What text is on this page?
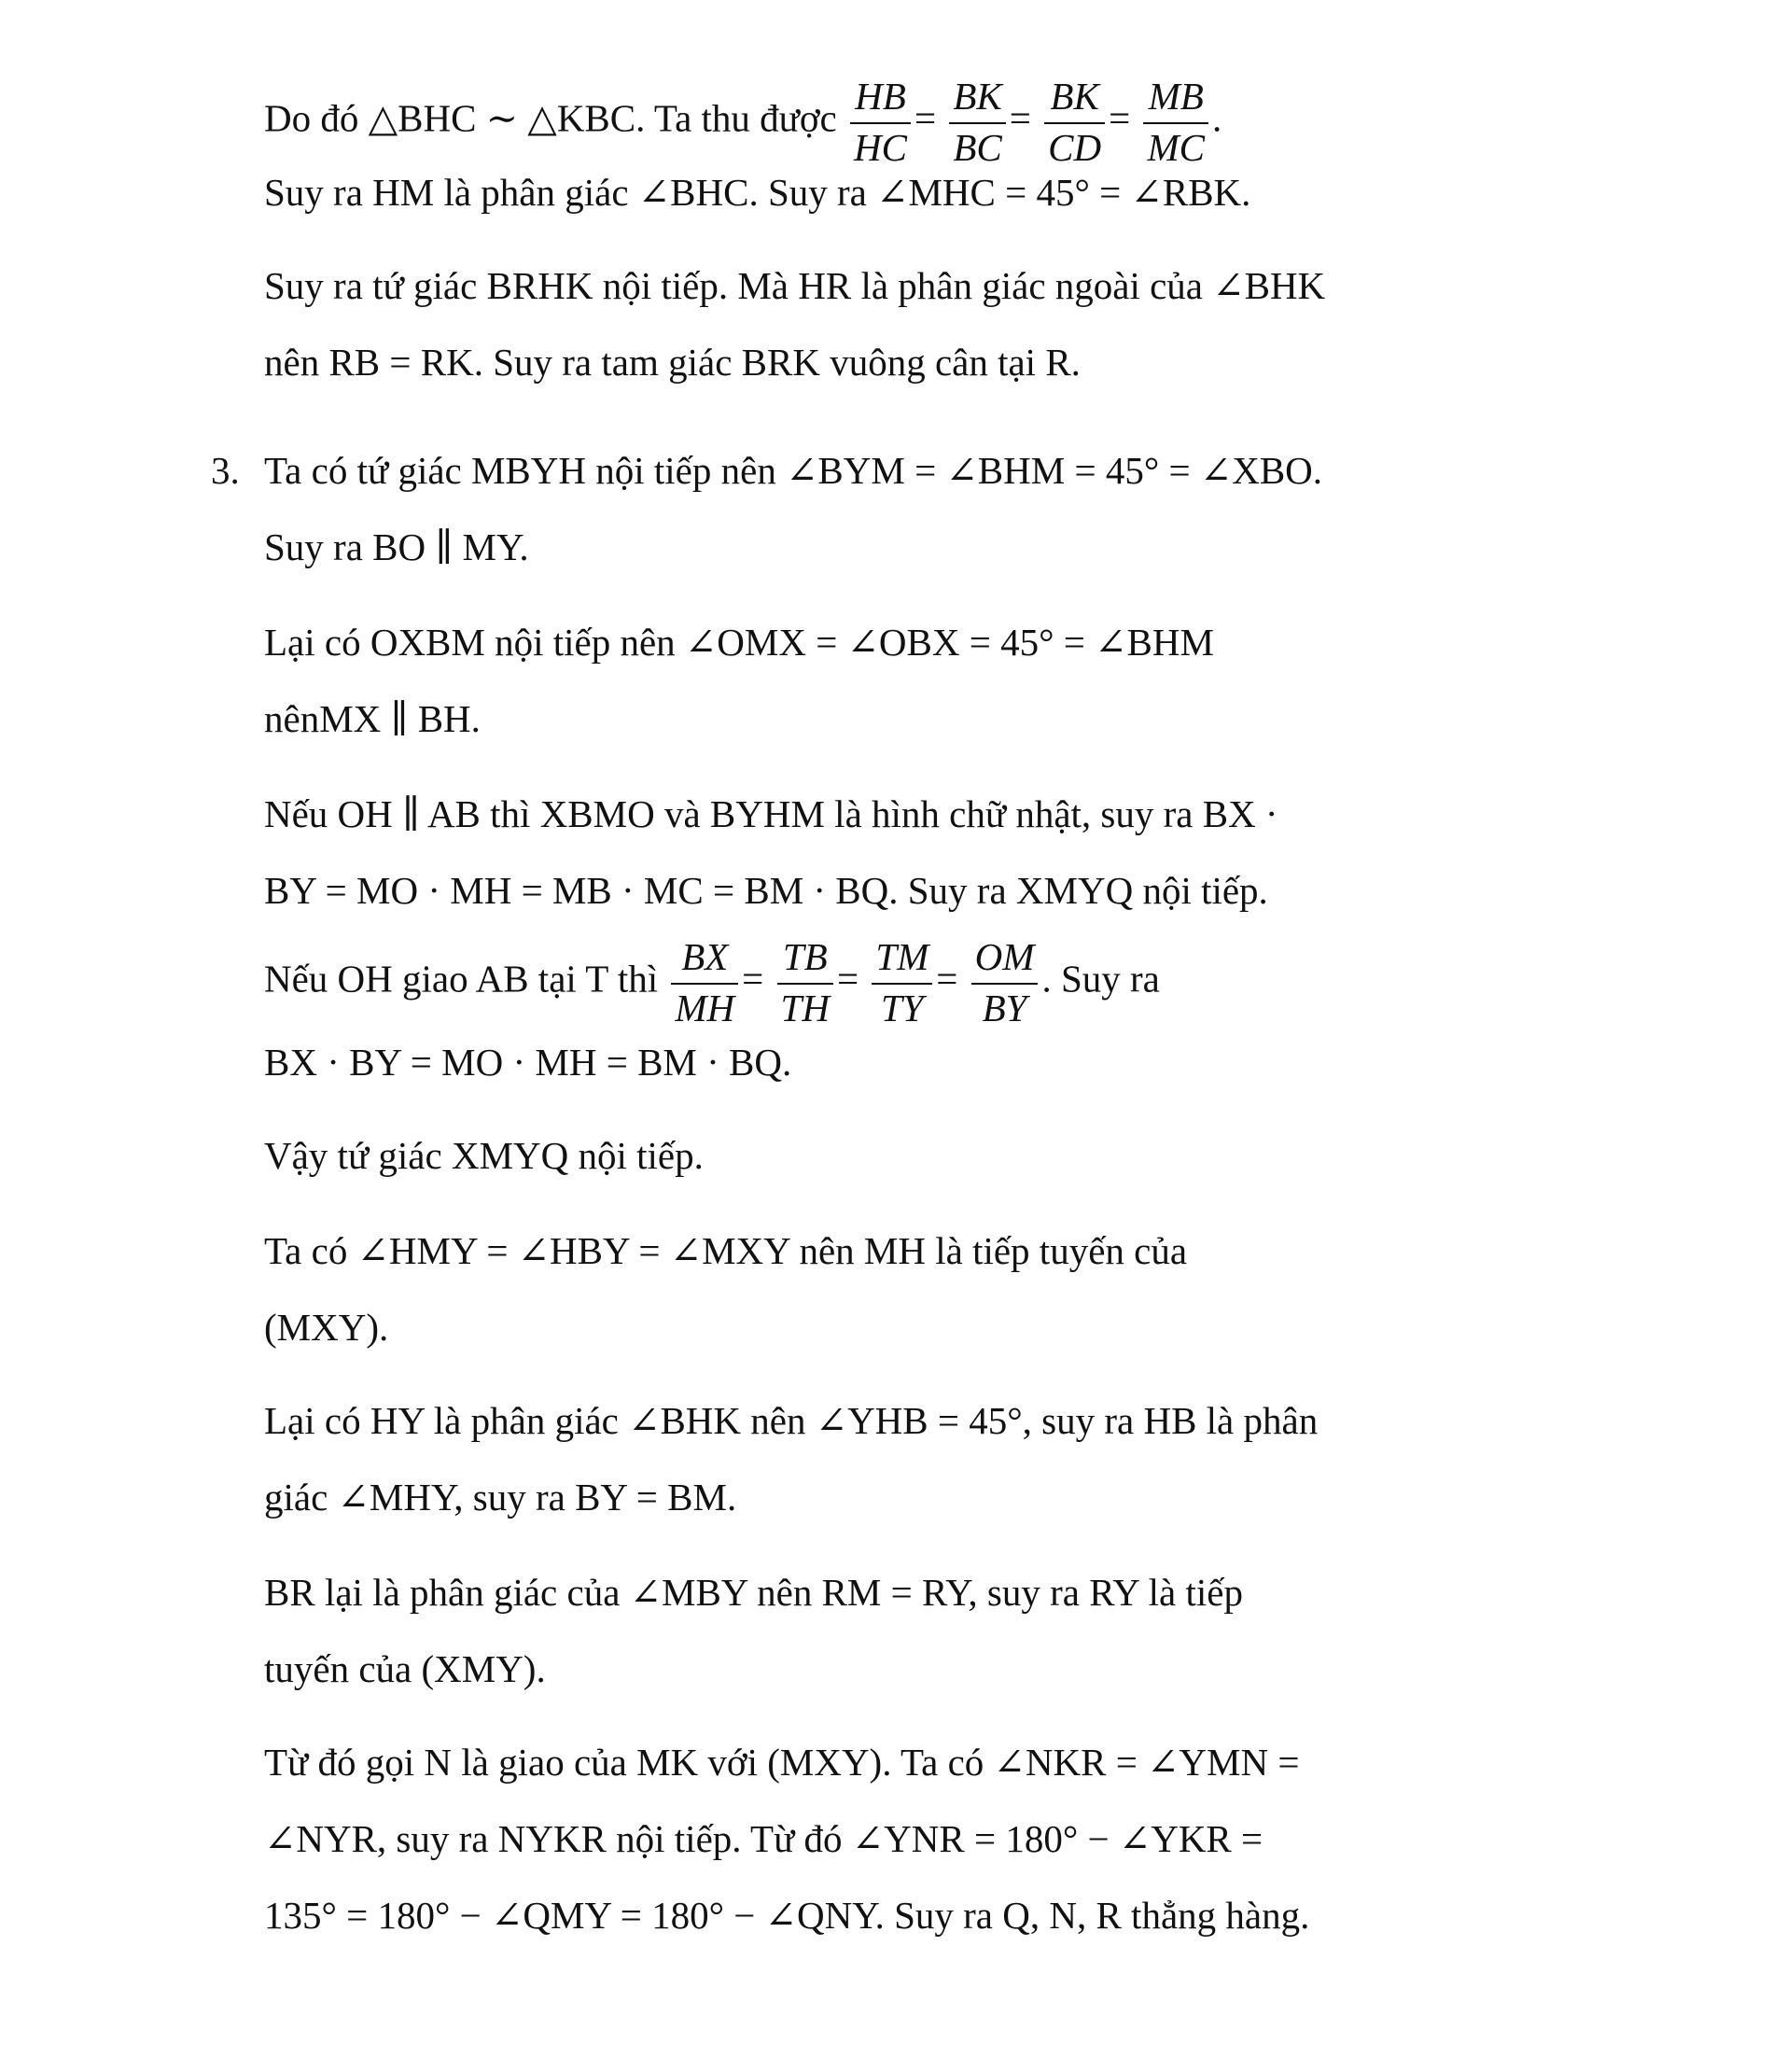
Do đó △BHC ∼ △KBC. Ta thu được $\frac{HB}{HC} = \frac{BK}{BC} = \frac{BK}{CD} = \frac{MB}{MC}$ .
Suy ra HM là phân giác ∠BHC. Suy ra ∠MHC = 45° = ∠RBK.
Suy ra tứ giác BRHK nội tiếp. Mà HR là phân giác ngoài của ∠BHK
nên RB = RK. Suy ra tam giác BRK vuông cân tại R.
3. Ta có tứ giác MBYH nội tiếp nên ∠BYM = ∠BHM = 45° = ∠XBO.
Suy ra BO ∥ MY.
Lại có OXBM nội tiếp nên ∠OMX = ∠OBX = 45° = ∠BHM
nênMX ∥ BH.
Nếu OH ∥ AB thì XBMO và BYHM là hình chữ nhật, suy ra BX ·
BY = MO · MH = MB · MC = BM · BQ. Suy ra XMYQ nội tiếp.
Nếu OH giao AB tại T thì $\frac{BX}{MH} = \frac{TB}{TH} = \frac{TM}{TY} = \frac{OM}{BY}$ . Suy ra
BX · BY = MO · MH = BM · BQ.
Vậy tứ giác XMYQ nội tiếp.
Ta có ∠HMY = ∠HBY = ∠MXY nên MH là tiếp tuyến của
(MXY).
Lại có HY là phân giác ∠BHK nên ∠YHB = 45°, suy ra HB là phân
giác ∠MHY, suy ra BY = BM.
BR lại là phân giác của ∠MBY nên RM = RY, suy ra RY là tiếp
tuyến của (XMY).
Từ đó gọi N là giao của MK với (MXY). Ta có ∠NKR = ∠YMN =
∠NYR, suy ra NYKR nội tiếp. Từ đó ∠YNR = 180° − ∠YKR =
135° = 180° − ∠QMY = 180° − ∠QNY. Suy ra Q, N, R thẳng hàng.
